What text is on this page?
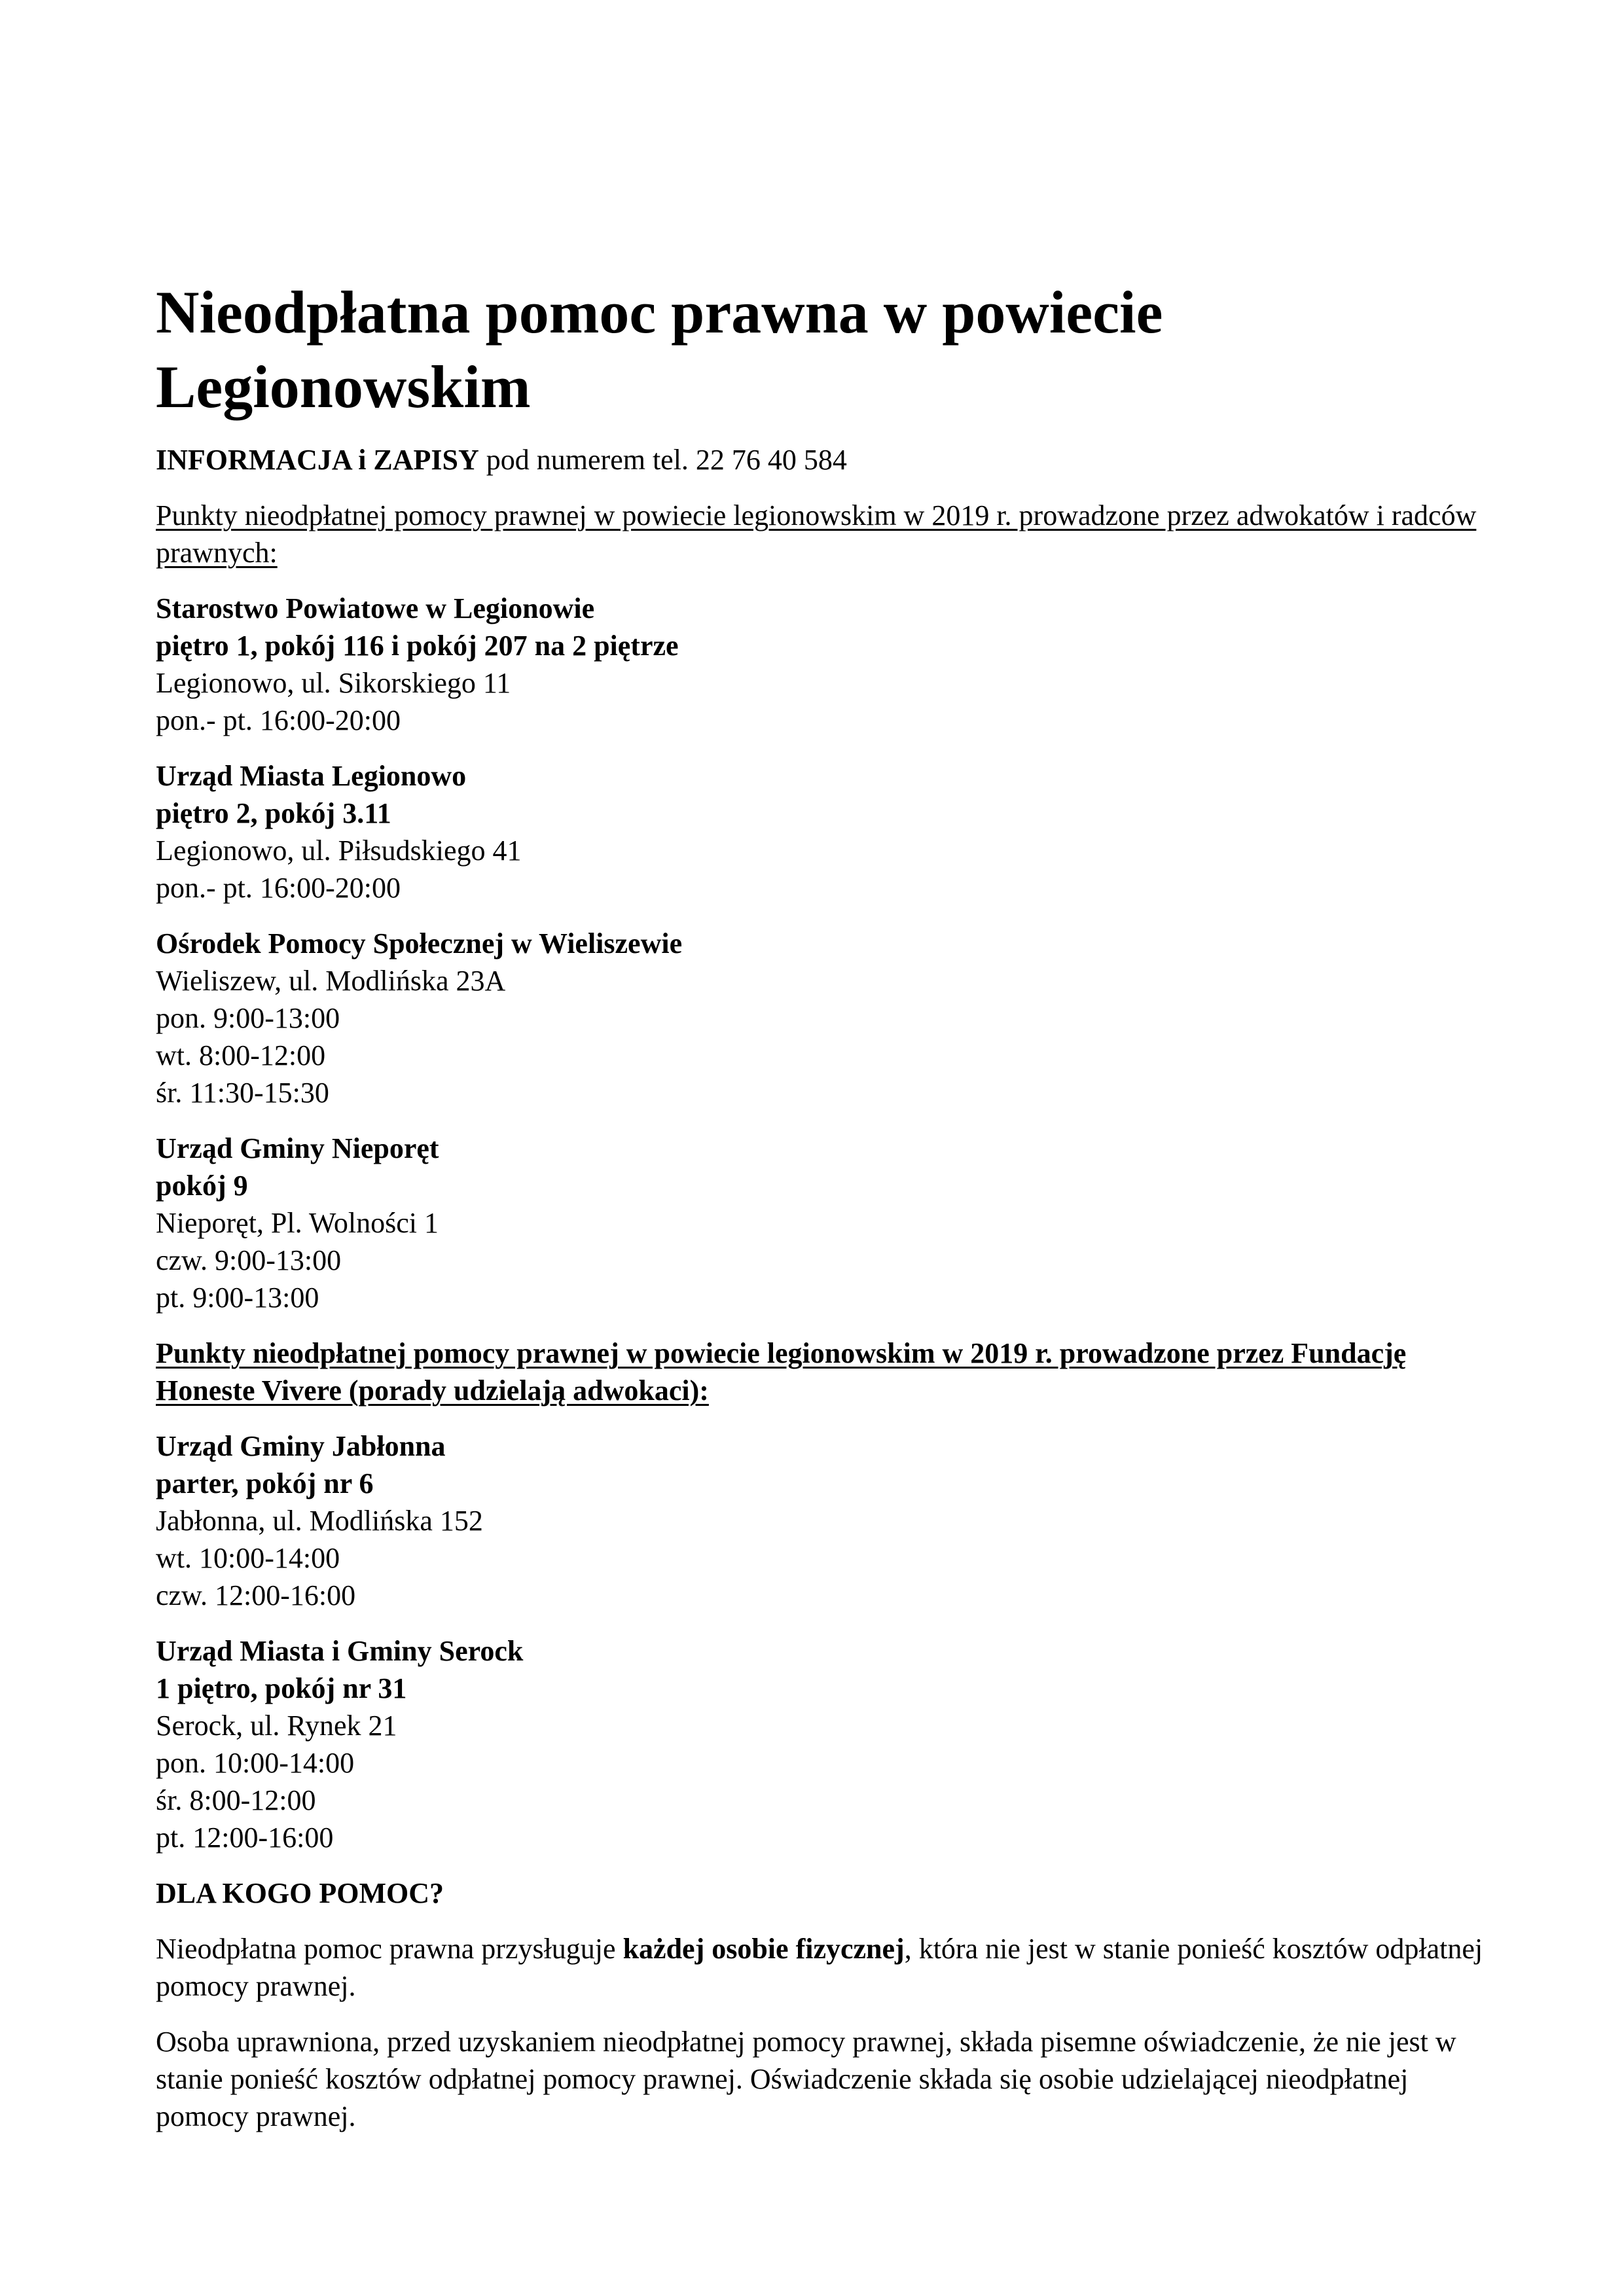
Nieodpłatna pomoc prawna w powiecie Legionowskim

INFORMACJA i ZAPISY pod numerem tel. 22 76 40 584

Punkty nieodpłatnej pomocy prawnej w powiecie legionowskim w 2019 r. prowadzone przez adwokatów i radców prawnych:

Starostwo Powiatowe w Legionowie
piętro 1, pokój 116 i pokój 207 na 2 piętrze
Legionowo, ul. Sikorskiego 11
pon.- pt. 16:00-20:00

Urząd Miasta Legionowo
piętro 2, pokój 3.11
Legionowo, ul. Piłsudskiego 41
pon.- pt. 16:00-20:00

Ośrodek Pomocy Społecznej w Wieliszewie
Wieliszew, ul. Modlińska 23A
pon. 9:00-13:00
wt. 8:00-12:00
śr. 11:30-15:30

Urząd Gminy Nieporęt
pokój 9
Nieporęt, Pl. Wolności 1
czw. 9:00-13:00
pt. 9:00-13:00

Punkty nieodpłatnej pomocy prawnej w powiecie legionowskim w 2019 r. prowadzone przez Fundację Honeste Vivere (porady udzielają adwokaci):

Urząd Gminy Jabłonna
parter, pokój nr 6
Jabłonna, ul. Modlińska 152
wt. 10:00-14:00
czw. 12:00-16:00

Urząd Miasta i Gminy Serock
1 piętro, pokój nr 31
Serock, ul. Rynek 21
pon. 10:00-14:00
śr. 8:00-12:00
pt. 12:00-16:00

DLA KOGO POMOC?

Nieodpłatna pomoc prawna przysługuje każdej osobie fizycznej, która nie jest w stanie ponieść kosztów odpłatnej pomocy prawnej.

Osoba uprawniona, przed uzyskaniem nieodpłatnej pomocy prawnej, składa pisemne oświadczenie, że nie jest w stanie ponieść kosztów odpłatnej pomocy prawnej. Oświadczenie składa się osobie udzielającej nieodpłatnej pomocy prawnej.
